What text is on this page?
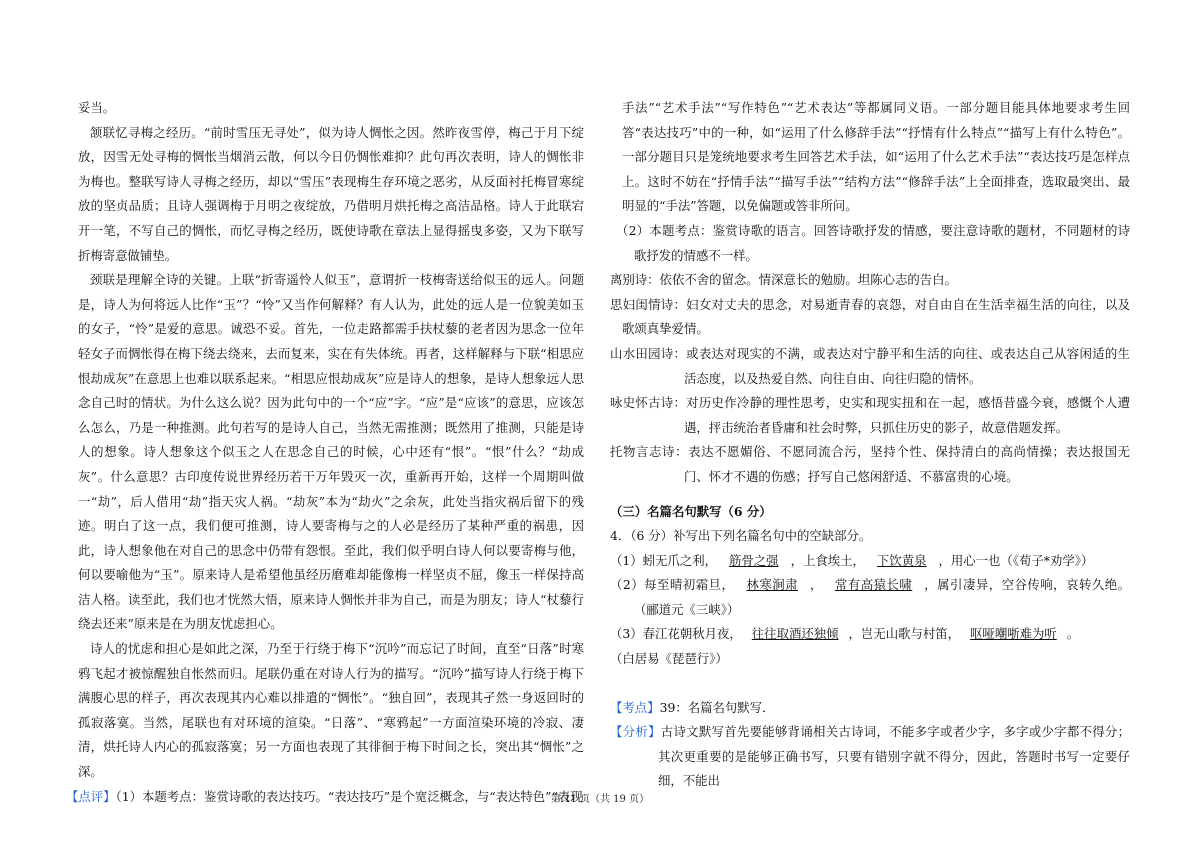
妥当。

颔联忆寻梅之经历。“前时雪压无寻处”，似为诗人惆怅之因。然昨夜雪停，梅己于月下绽放，因雪无处寻梅的惆怅当烟消云散，何以今日仍惆怅难抑？此句再次表明，诗人的惆怅非为梅也。整联写诗人寻梅之经历，却以“雪压”表现梅生存环境之恶劣，从反面衬托梅冒寒绽放的坚贞品质；且诗人强调梅于月明之夜绽放，乃借明月烘托梅之高洁品格。诗人于此联宕开一笔，不写自己的惆怅，而忆寻梅之经历，既使诗歌在章法上显得摇曳多姿，又为下联写折梅寄意做铺垫。

颈联是理解全诗的关键。上联“折寄遥怜人似玉”，意谓折一枝梅寄送给似玉的远人。问题是，诗人为何将远人比作“玉”？“怜”又当作何解释？有人认为，此处的远人是一位貌美如玉的女子，“怜”是爱的意思。诚恐不妥。首先，一位走路都需手扶杖藜的老者因为思念一位年轻女子而惆怅得在梅下绕去绕来，去而复来，实在有失体统。再者，这样解释与下联“相思应恨劫成灰”在意思上也难以联系起来。“相思应恨劫成灰”应是诗人的想象，是诗人想象远人思念自己时的情状。为什么这么说？因为此句中的一个“应”字。“应”是“应该”的意思，应该怎么怎么，乃是一种推测。此句若写的是诗人自己，当然无需推测；既然用了推测，只能是诗人的想象。诗人想象这个似玉之人在思念自己的时候，心中还有“恨”。“恨”什么？“劫成灰”。什么意思？古印度传说世界经历若干万年毁灭一次，重新再开始，这样一个周期叫做一“劫”，后人借用“劫”指天灾人祸。“劫灰”本为“劫火”之余灰，此处当指灾祸后留下的残迹。明白了这一点，我们便可推测，诗人要寄梅与之的人必是经历了某种严重的祸患，因此，诗人想象他在对自己的思念中仍带有怨恨。至此，我们似乎明白诗人何以要寄梅与他，何以要喻他为“玉”。原来诗人是希望他虽经历磨难却能像梅一样坚贞不屈，像玉一样保持高洁人格。读至此，我们也才恍然大悟，原来诗人惆怅并非为自己，而是为朋友；诗人“杖藜行绕去还来”原来是在为朋友忧虑担心。

诗人的忧虑和担心是如此之深，乃至于行绕于梅下“沉吟”而忘记了时间，直至“日落”时寒鸦飞起才被惊醒独自怅然而归。尾联仍重在对诗人行为的描写。“沉吟”描写诗人行绕于梅下满腹心思的样子，再次表现其内心难以排遣的“惆怅”。“独自回”，表现其孑然一身返回时的孤寂落寞。当然，尾联也有对环境的渲染。“日落”、“寒鸦起”一方面渲染环境的冷寂、凄清，烘托诗人内心的孤寂落寞；另一方面也表现了其徘徊于梅下时间之长，突出其“惆怅”之深。

【点评】（1）本题考点：鉴赏诗歌的表达技巧。“表达技巧”是个宽泛概念，与“表达特色”“表现

手法”“艺术手法”“写作特色”“艺术表达”等都属同义语。一部分题目能具体地要求考生回答“表达技巧”中的一种，如“运用了什么修辞手法”“抒情有什么特点”“描写上有什么特色”。一部分题目只是笼统地要求考生回答艺术手法，如“运用了什么艺术手法”“表达技巧是怎样点上。这时不妨在“抒情手法”“描写手法”“结构方法”“修辞手法”上全面排查，选取最突出、最明显的“手法”答题，以免偏题或答非所问。

（2）本题考点：鉴赏诗歌的语言。回答诗歌抒发的情感，要注意诗歌的题材，不同题材的诗歌抒发的情感不一样。

离别诗：依依不舍的留念。情深意长的勉励。坦陈心志的告白。

思妇闺情诗：妇女对丈夫的思念，对易逝青春的哀怨，对自由自在生活幸福生活的向往，以及歌颂真挚爱情。

山水田园诗：或表达对现实的不满，或表达对宁静平和生活的向往、或表达自己从容闲适的生活态度，以及热爱自然、向往自由、向往归隐的情怀。

咏史怀古诗：对历史作冷静的理性思考，史实和现实扭和在一起，感悟昔盛今衰，感慨个人遭遇，抨击统治者昏庸和社会时弊，只抓住历史的影子，故意借题发挥。

托物言志诗：表达不愿媚俗、不愿同流合污，坚持个性、保持清白的高尚情操；表达报国无门、怀才不遇的伤感；抒写自己悠闲舒适、不慕富贵的心境。

（三）名篇名句默写（6 分）

4．（6 分）补写出下列名篇名句中的空缺部分。

（1）蚓无爪之利， 筋骨之强 ，上食埃土， 下饮黄泉 ，用心一也（《荀子*劝学》）

（2）每至晴初霜旦， 林寒涧肃 ， 常有高猿长啸 ，属引凄异，空谷传响，哀转久绝。（郦道元《三峡》）

（3）春江花朝秋月夜， 往往取酒还独倾 ，岂无山歌与村笛， 呕哑嘲哳难为听 。

（白居易《琵琶行》）

【考点】39：名篇名句默写．

【分析】古诗文默写首先要能够背诵相关古诗词，不能多字或者少字，多字或少字都不得分；其次更重要的是能够正确书写，只要有错别字就不得分，因此，答题时书写一定要仔细，不能出

第 11 页（共 19 页）
